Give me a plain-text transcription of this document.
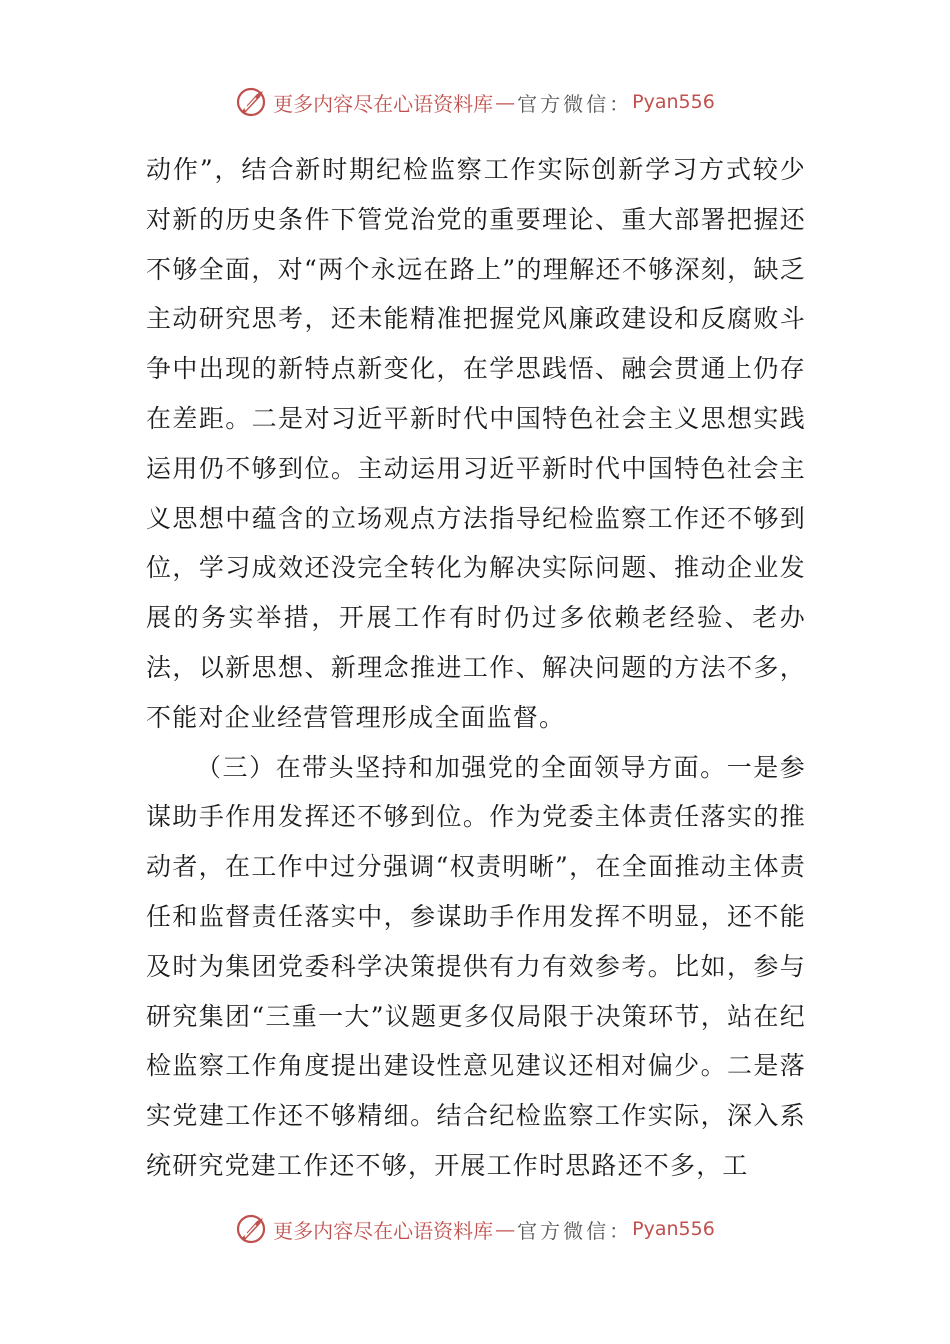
更多内容尽在心语资料库 — 官方微信： Pyan556

动作”，结合新时期纪检监察工作实际创新学习方式较少对新的历史条件下管党治党的重要理论、重大部署把握还不够全面，对“两个永远在路上”的理解还不够深刻，缺乏主动研究思考，还未能精准把握党风廉政建设和反腐败斗争中出现的新特点新变化，在学思践悟、融会贯通上仍存在差距。二是对习近平新时代中国特色社会主义思想实践运用仍不够到位。主动运用习近平新时代中国特色社会主义思想中蕴含的立场观点方法指导纪检监察工作还不够到位，学习成效还没完全转化为解决实际问题、推动企业发展的务实举措，开展工作有时仍过多依赖老经验、老办法，以新思想、新理念推进工作、解决问题的方法不多，不能对企业经营管理形成全面监督。

（三）在带头坚持和加强党的全面领导方面。一是参谋助手作用发挥还不够到位。作为党委主体责任落实的推动者，在工作中过分强调“权责明晰”，在全面推动主体责任和监督责任落实中，参谋助手作用发挥不明显，还不能及时为集团党委科学决策提供有力有效参考。比如，参与研究集团“三重一大”议题更多仅局限于决策环节，站在纪检监察工作角度提出建设性意见建议还相对偏少。二是落实党建工作还不够精细。结合纪检监察工作实际，深入系统研究党建工作还不够，开展工作时思路还不多，工

更多内容尽在心语资料库 — 官方微信： Pyan556
